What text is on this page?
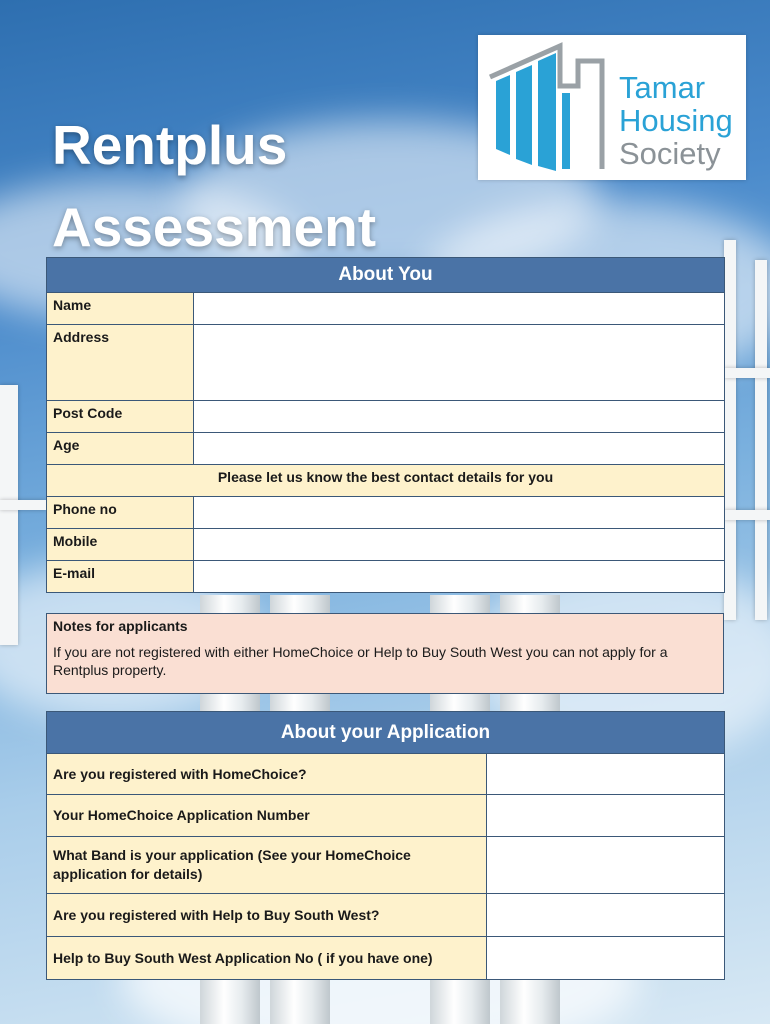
Rentplus
Assessment
Tamar
Housing
Society
About You	
Name	
Address	
Post Code	
Age	
Please let us know the best contact details for you	
Phone no	
Mobile	
E-mail	
Notes for applicants
If you are not registered with either HomeChoice or Help to Buy South West you can not apply for a Rentplus property.
About your Application	
Are you registered with HomeChoice?	
Your HomeChoice Application Number	
What Band is your application (See your HomeChoice application for details)	
Are you registered with Help to Buy South West?	
Help to Buy South West Application No ( if you have one)	
